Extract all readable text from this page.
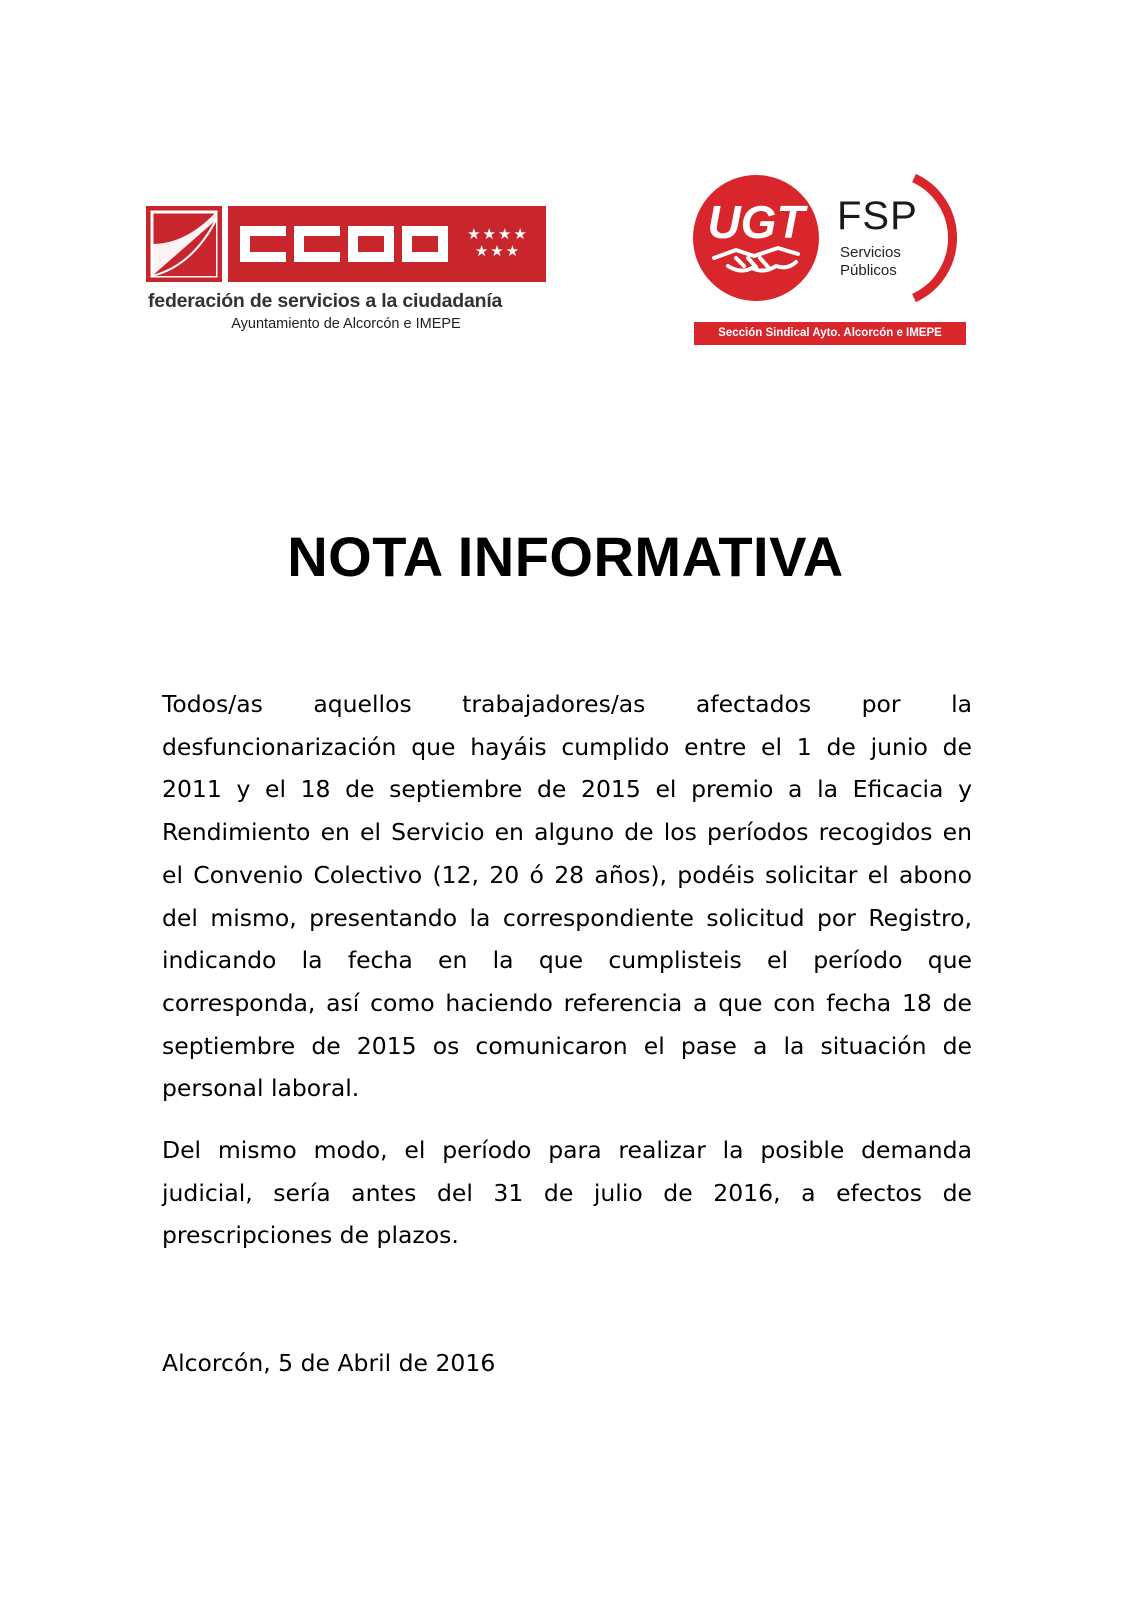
★★★★
★★★
federación de servicios a la ciudadanía
Ayuntamiento de Alcorcón e IMEPE
UGT FSP
Servicios
Públicos
Sección Sindical Ayto. Alcorcón e IMEPE
NOTA INFORMATIVA

Todos/as aquellos trabajadores/as afectados por la desfuncionarización que hayáis cumplido entre el 1 de junio de 2011 y el 18 de septiembre de 2015 el premio a la Eficacia y Rendimiento en el Servicio en alguno de los períodos recogidos en el Convenio Colectivo (12, 20 ó 28 años), podéis solicitar el abono del mismo, presentando la correspondiente solicitud por Registro, indicando la fecha en la que cumplisteis el período que corresponda, así como haciendo referencia a que con fecha 18 de septiembre de 2015 os comunicaron el pase a la situación de personal laboral.

Del mismo modo, el período para realizar la posible demanda judicial, sería antes del 31 de julio de 2016, a efectos de prescripciones de plazos.

Alcorcón, 5 de Abril de 2016
